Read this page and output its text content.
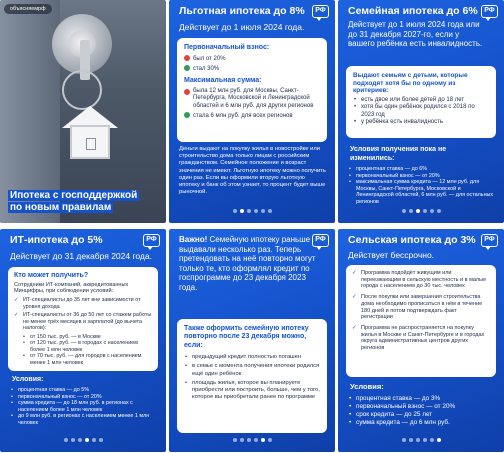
объясняемрф
Ипотека с господдержкой
по новым правилам
РФ
Льготная ипотека до 8%
Действует до 1 июля 2024 года.
Первоначальный взнос:
был от 20%
стал 30%
Максимальная сумма:
была 12 млн руб. для Москвы, Санкт-Петербурга, Московской и Ленинградской областей и 6 млн руб. для других регионов
стала 6 млн руб. для всех регионов
Деньги выдают на покупку жилья в новостройке или строительство дома только лицам с российским гражданством. Семейное положение и возраст значения не имеют. Льготную ипотеку можно получить один раз. Если вы оформили вторую льготную ипотеку и банк об этом узнает, то процент будет выше рыночной.
РФ
Семейная ипотека до 6%
Действует до 1 июля 2024 года или до 31 декабря 2027-го, если у вашего ребёнка есть инвалидность.
Выдают семьям с детьми, которые подходят хотя бы по одному из критериев:
• есть двое или более детей до 18 лет
• хотя бы один ребёнок родился с 2018 по 2023 год
• у ребёнка есть инвалидность
Условия получения пока не изменились:
• процентная ставка — до 6%
• первоначальный взнос — от 20%
• максимальная сумма кредита — 12 млн руб. для Москвы, Санкт-Петербурга, Московской и Ленинградской областей, 6 млн руб. — для остальных регионов
РФ
ИТ-ипотека до 5%
Действует до 31 декабря 2024 года.
Кто может получить?
Сотрудники ИТ-компаний, аккредитованных Минцифры, при соблюдении условий:
✓ ИТ-специалисты до 35 лет вне зависимости от уровня дохода
✓ ИТ-специалисты от 36 до 50 лет со стажем работы не менее трёх месяцев и зарплатой (до вычета налогов):
• от 150 тыс. руб. — в Москве
• от 120 тыс. руб. — в городах с населением более 1 млн человек
• от 70 тыс. руб. — для городов с населением менее 1 млн человек
Условия:
• процентная ставка — до 5%
• первоначальный взнос — от 20%
• сумма кредита — до 18 млн руб. в регионах с населением более 1 млн человек
• до 9 млн руб. в регионах с населением менее 1 млн человек
РФ
Важно! Семейную ипотеку раньше выдавали несколько раз. Теперь претендовать на неё повторно могут только те, кто оформлял кредит по госпрограмме до 23 декабря 2023 года.
Также оформить семейную ипотеку повторно после 23 декабря можно, если:
• предыдущий кредит полностью погашен
• в семье с момента получения ипотеки родился ещё один ребёнок
• площадь жилья, которое вы планируете приобрести или построить, больше, чем у того, которое вы приобретали ранее по программе
РФ
Сельская ипотека до 3%
Действует бессрочно.
✓ Программа подойдёт живущим или переезжающим в сельскую местность и в малые города с населением до 30 тыс. человек
✓ После покупки или завершения строительства дома необходимо прописаться в нём в течение 180 дней и потом подтверждать факт регистрации
✓ Программа не распространяется на покупку жилья в Москве и Санкт-Петербурге и в городах округа административных центров других регионов
Условия:
• процентная ставка — до 3%
• первоначальный взнос — от 20%
• срок кредита — до 25 лет
• сумма кредита — до 6 млн руб.
